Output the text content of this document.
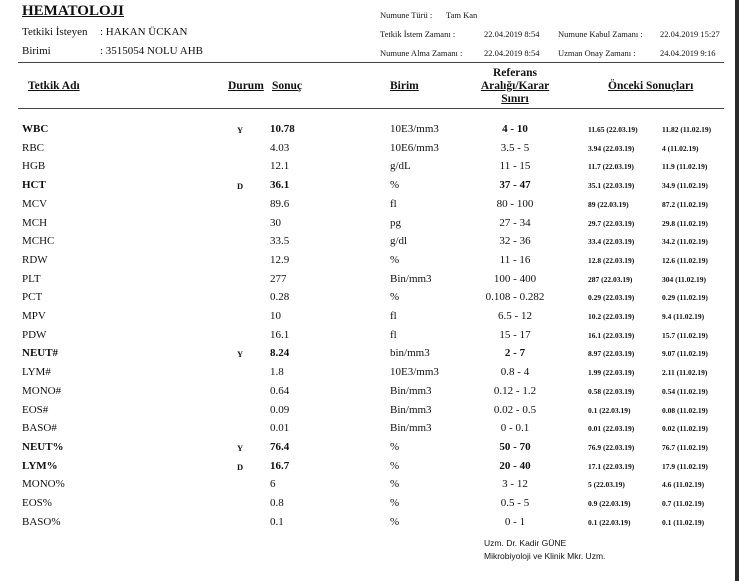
HEMATOLOJI
Tetkiki İsteyen : HAKAN ÜCKAN
Birimi	: 3515054 NOLU AHB
Numune Türü : Tam Kan
Tetkik İstem Zamanı :	22.04.2019 8:54 Numune Kabul Zamanı : 22.04.2019 15:27
Numune Alma Zamanı :	22.04.2019 8:54 Uzman Onay Zamanı :	24.04.2019 9:16
Tetkik Adı	Durum Sonuç	Birim
Referans
Aralığı/Karar
Sınırı
Önceki Sonuçları
WBC	Y 10.78	10E3/mm3	4 - 10	11.65 (22.03.19)	11.82 (11.02.19)
RBC	4.03	10E6/mm3	3.5 - 5	3.94 (22.03.19)	4 (11.02.19)
HGB	12.1	g/dL	11 - 15	11.7 (22.03.19)	11.9 (11.02.19)
HCT	D 36.1	%	37 - 47	35.1 (22.03.19)	34.9 (11.02.19)
MCV	89.6	fl	80 - 100	89 (22.03.19)	87.2 (11.02.19)
MCH	30	pg	27 - 34	29.7 (22.03.19)	29.8 (11.02.19)
MCHC	33.5	g/dl	32 - 36	33.4 (22.03.19)	34.2 (11.02.19)
RDW	12.9	%	11 - 16	12.8 (22.03.19)	12.6 (11.02.19)
PLT	277	Bin/mm3	100 - 400	287 (22.03.19)	304 (11.02.19)
PCT	0.28	%	0.108 - 0.282	0.29 (22.03.19)	0.29 (11.02.19)
MPV	10	fl	6.5 - 12	10.2 (22.03.19)	9.4 (11.02.19)
PDW	16.1	fl	15 - 17	16.1 (22.03.19)	15.7 (11.02.19)
NEUT#	Y 8.24	bin/mm3	2 - 7	8.97 (22.03.19)	9.07 (11.02.19)
LYM#	1.8	10E3/mm3	0.8 - 4	1.99 (22.03.19)	2.11 (11.02.19)
MONO#	0.64	Bin/mm3	0.12 - 1.2	0.58 (22.03.19)	0.54 (11.02.19)
EOS#	0.09	Bin/mm3	0.02 - 0.5	0.1 (22.03.19)	0.08 (11.02.19)
BASO#	0.01	Bin/mm3	0 - 0.1	0.01 (22.03.19)	0.02 (11.02.19)
NEUT%	Y 76.4	%	50 - 70	76.9 (22.03.19)	76.7 (11.02.19)
LYM%	D 16.7	%	20 - 40	17.1 (22.03.19)	17.9 (11.02.19)
MONO%	6	%	3 - 12	5 (22.03.19)	4.6 (11.02.19)
EOS%	0.8	%	0.5 - 5	0.9 (22.03.19)	0.7 (11.02.19)
BASO%	0.1	%	0 - 1	0.1 (22.03.19)	0.1 (11.02.19)
Uzm. Dr. Kadir GÜNE
Mikrobiyoloji ve Klinik Mkr. Uzm.
